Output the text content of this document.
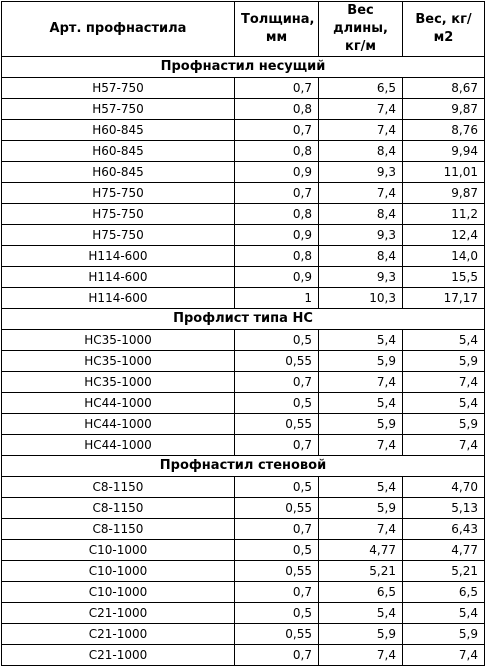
Арт. профнастила	Толщина, мм	Вес длины, кг/м	Вес, кг/ м2
Профнастил несущий			
Н57-750	0,7	6,5	8,67
Н57-750	0,8	7,4	9,87
Н60-845	0,7	7,4	8,76
Н60-845	0,8	8,4	9,94
Н60-845	0,9	9,3	11,01
Н75-750	0,7	7,4	9,87
Н75-750	0,8	8,4	11,2
Н75-750	0,9	9,3	12,4
Н114-600	0,8	8,4	14,0
Н114-600	0,9	9,3	15,5
Н114-600	1	10,3	17,17
Профлист типа НС			
НС35-1000	0,5	5,4	5,4
НС35-1000	0,55	5,9	5,9
НС35-1000	0,7	7,4	7,4
НС44-1000	0,5	5,4	5,4
НС44-1000	0,55	5,9	5,9
НС44-1000	0,7	7,4	7,4
Профнастил стеновой			
С8-1150	0,5	5,4	4,70
С8-1150	0,55	5,9	5,13
С8-1150	0,7	7,4	6,43
С10-1000	0,5	4,77	4,77
С10-1000	0,55	5,21	5,21
С10-1000	0,7	6,5	6,5
С21-1000	0,5	5,4	5,4
С21-1000	0,55	5,9	5,9
С21-1000	0,7	7,4	7,4
